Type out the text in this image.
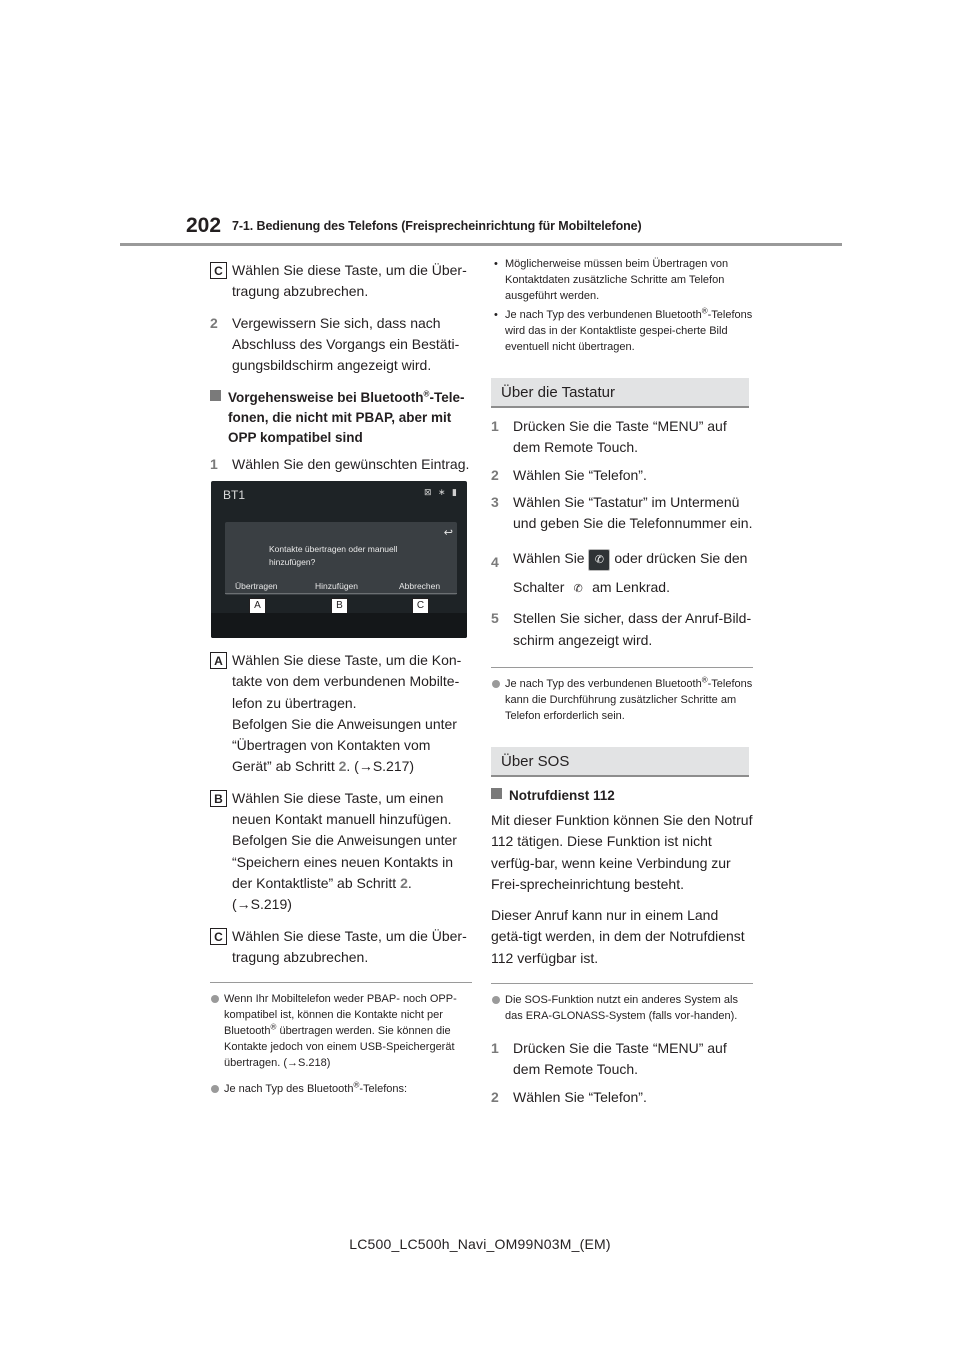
202 7-1. Bedienung des Telefons (Freisprecheinrichtung für Mobiltelefone)
C Wählen Sie diese Taste, um die Über-tragung abzubrechen.
2 Vergewissern Sie sich, dass nach Abschluss des Vorgangs ein Bestäti-gungsbildschirm angezeigt wird.
Vorgehensweise bei Bluetooth®-Tele-fonen, die nicht mit PBAP, aber mit OPP kompatibel sind
1 Wählen Sie den gewünschten Eintrag.
BT1	⊠ ∗ ▮
↩
Kontakte übertragen oder manuell hinzufügen?
Übertragen	Hinzufügen	Abbrechen
A	B	C
A Wählen Sie diese Taste, um die Kon-takte von dem verbundenen Mobilte-lefon zu übertragen.
Befolgen Sie die Anweisungen unter “Übertragen von Kontakten vom Gerät” ab Schritt 2. (→S.217)
B Wählen Sie diese Taste, um einen neuen Kontakt manuell hinzufügen.
Befolgen Sie die Anweisungen unter “Speichern eines neuen Kontakts in der Kontaktliste” ab Schritt 2.
(→S.219)
C Wählen Sie diese Taste, um die Über-tragung abzubrechen.
Wenn Ihr Mobiltelefon weder PBAP- noch OPP-kompatibel ist, können die Kontakte nicht per Bluetooth® übertragen werden. Sie können die Kontakte jedoch von einem USB-Speichergerät übertragen. (→S.218)
Je nach Typ des Bluetooth®-Telefons:
• Möglicherweise müssen beim Übertragen von Kontaktdaten zusätzliche Schritte am Telefon ausgeführt werden.
• Je nach Typ des verbundenen Bluetooth®-Telefons wird das in der Kontaktliste gespei-cherte Bild eventuell nicht übertragen.
Über die Tastatur
1 Drücken Sie die Taste “MENU” auf dem Remote Touch.
2 Wählen Sie “Telefon”.
3 Wählen Sie “Tastatur” im Untermenü und geben Sie die Telefonnummer ein.
4 Wählen Sie ✆ oder drücken Sie den Schalter ✆ am Lenkrad.
5 Stellen Sie sicher, dass der Anruf-Bild-schirm angezeigt wird.
Je nach Typ des verbundenen Bluetooth®-Telefons kann die Durchführung zusätzlicher Schritte am Telefon erforderlich sein.
Über SOS
Notrufdienst 112
Mit dieser Funktion können Sie den Notruf 112 tätigen. Diese Funktion ist nicht verfüg-bar, wenn keine Verbindung zur Frei-sprecheinrichtung besteht.
Dieser Anruf kann nur in einem Land getä-tigt werden, in dem der Notrufdienst 112 verfügbar ist.
Die SOS-Funktion nutzt ein anderes System als das ERA-GLONASS-System (falls vor-handen).
1 Drücken Sie die Taste “MENU” auf dem Remote Touch.
2 Wählen Sie “Telefon”.
LC500_LC500h_Navi_OM99N03M_(EM)
